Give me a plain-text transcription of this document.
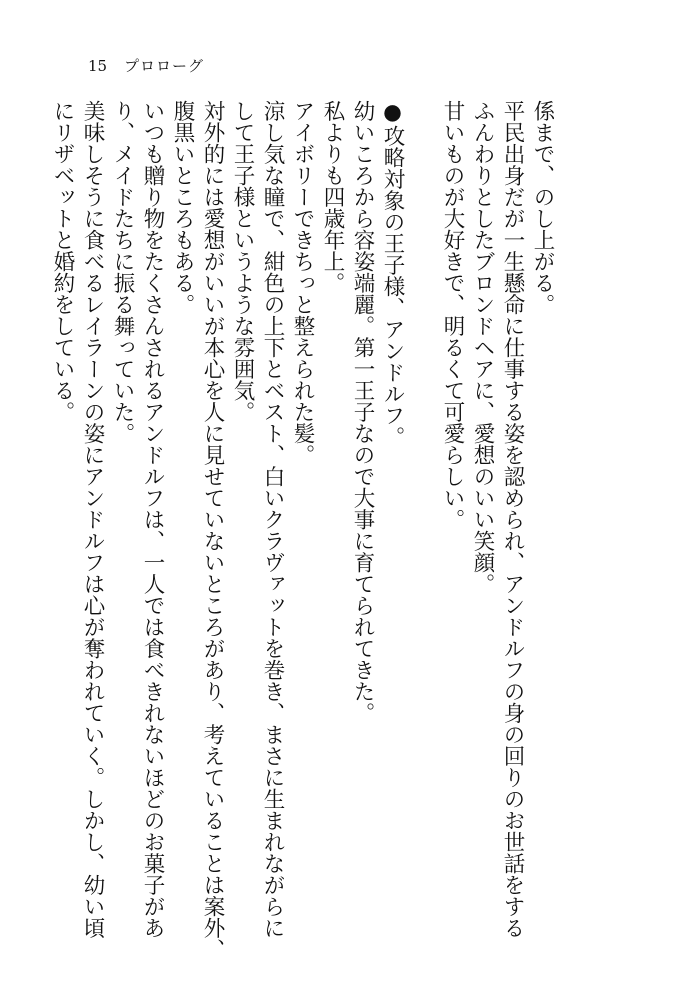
15	プロローグ
係まで、のし上がる。
平民出身だが一生懸命に仕事する姿を認められ、アンドルフの身の回りのお世話をする
ふんわりとしたブロンドヘアに、愛想のいい笑顔。
甘いものが大好きで、明るくて可愛らしい。
●攻略対象の王子様、アンドルフ。
幼いころから容姿端麗。第一王子なので大事に育てられてきた。
私よりも四歳年上。
アイボリーできちっと整えられた髪。
涼し気な瞳で、紺色の上下とベスト、白いクラヴァットを巻き、まさに生まれながらに
して王子様というような雰囲気。
対外的には愛想がいいが本心を人に見せていないところがあり、考えていることは案外、
腹黒いところもある。
いつも贈り物をたくさんされるアンドルフは、一人では食べきれないほどのお菓子があ
り、メイドたちに振る舞っていた。
美味しそうに食べるレイラーンの姿にアンドルフは心が奪われていく。しかし、幼い頃
にリザベットと婚約をしている。
